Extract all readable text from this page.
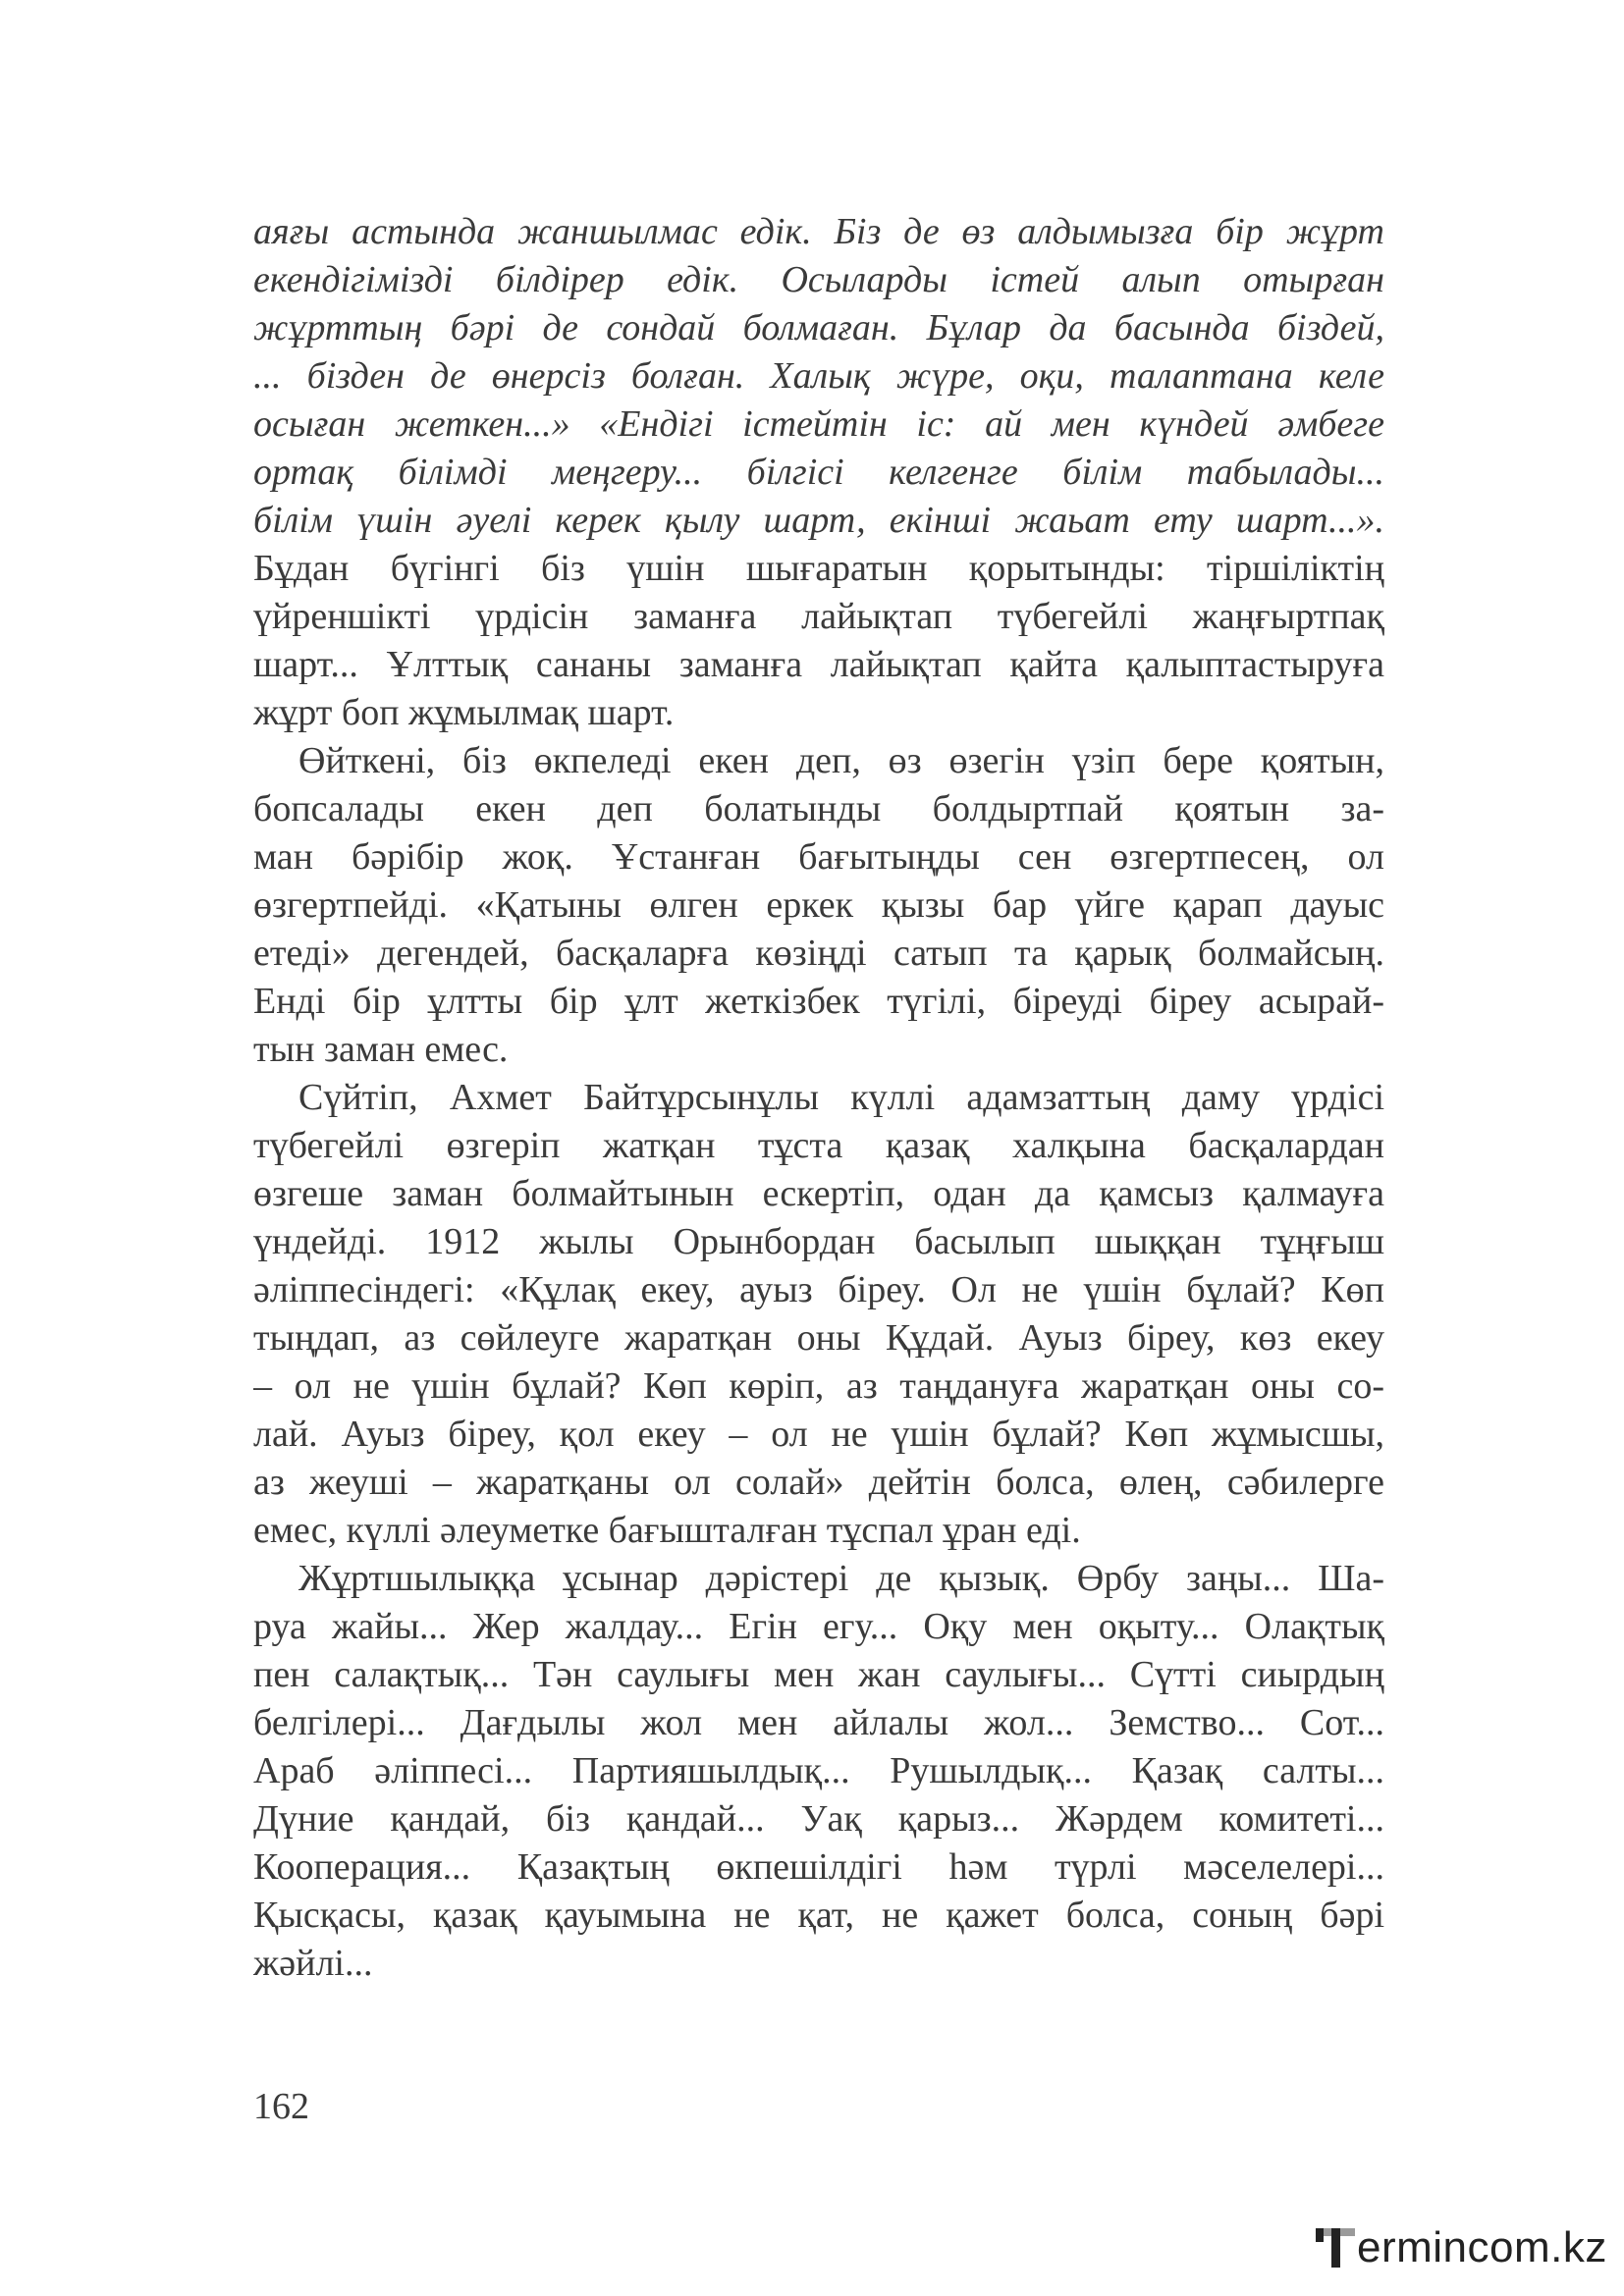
аяғы астында жаншылмас едік. Біз де өз алдымызға бір жұрт
екендігімізді білдірер едік. Осыларды істей алып отырған
жұрттың бәрі де сондай болмаған. Бұлар да басында біздей,
... бізден де өнерсіз болған. Халық жүре, оқи, талаптана келе
осыған жеткен...» «Ендігі істейтін іс: ай мен күндей әмбеге
ортақ білімді меңгеру... білгісі келгенге білім табылады...
білім үшін әуелі керек қылу шарт, екінші жаьат ету шарт...».
Бұдан бүгінгі біз үшін шығаратын қорытынды: тіршіліктің
үйреншікті үрдісін заманға лайықтап түбегейлі жаңғыртпақ
шарт... Ұлттық сананы заманға лайықтап қайта қалыптастыруға
жұрт боп жұмылмақ шарт.
Өйткені, біз өкпеледі екен деп, өз өзегін үзіп бере қоятын,
бопсалады екен деп болатынды болдыртпай қоятын за-
ман бәрібір жоқ. Ұстанған бағытыңды сен өзгертпесең, ол
өзгертпейді. «Қатыны өлген еркек қызы бар үйге қарап дауыс
етеді» дегендей, басқаларға көзіңді сатып та қарық болмайсың.
Енді бір ұлтты бір ұлт жеткізбек түгілі, біреуді біреу асырай-
тын заман емес.
Сүйтіп, Ахмет Байтұрсынұлы күллі адамзаттың даму үрдісі
түбегейлі өзгеріп жатқан тұста қазақ халқына басқалардан
өзгеше заман болмайтынын ескертіп, одан да қамсыз қалмауға
үндейді. 1912 жылы Орынбордан басылып шыққан тұңғыш
әліппесіндегі: «Құлақ екеу, ауыз біреу. Ол не үшін бұлай? Көп
тыңдап, аз сөйлеуге жаратқан оны Құдай. Ауыз біреу, көз екеу
– ол не үшін бұлай? Көп көріп, аз таңдануға жаратқан оны со-
лай. Ауыз біреу, қол екеу – ол не үшін бұлай? Көп жұмысшы,
аз жеуші – жаратқаны ол солай» дейтін болса, өлең, сәбилерге
емес, күллі әлеуметке бағышталған тұспал ұран еді.
Жұртшылыққа ұсынар дәрістері де қызық. Өрбу заңы... Ша-
руа жайы... Жер жалдау... Егін егу... Оқу мен оқыту... Олақтық
пен салақтық... Тән саулығы мен жан саулығы... Сүтті сиырдың
белгілері... Дағдылы жол мен айлалы жол... Земство... Сот...
Араб әліппесі... Партияшылдық... Рушылдық... Қазақ салты...
Дүние қандай, біз қандай... Уақ қарыз... Жәрдем комитеті...
Кооперация... Қазақтың өкпешілдігі һәм түрлі мәселелері...
Қысқасы, қазақ қауымына не қат, не қажет болса, соның бәрі
жәйлі...
162
ermincom.kz
